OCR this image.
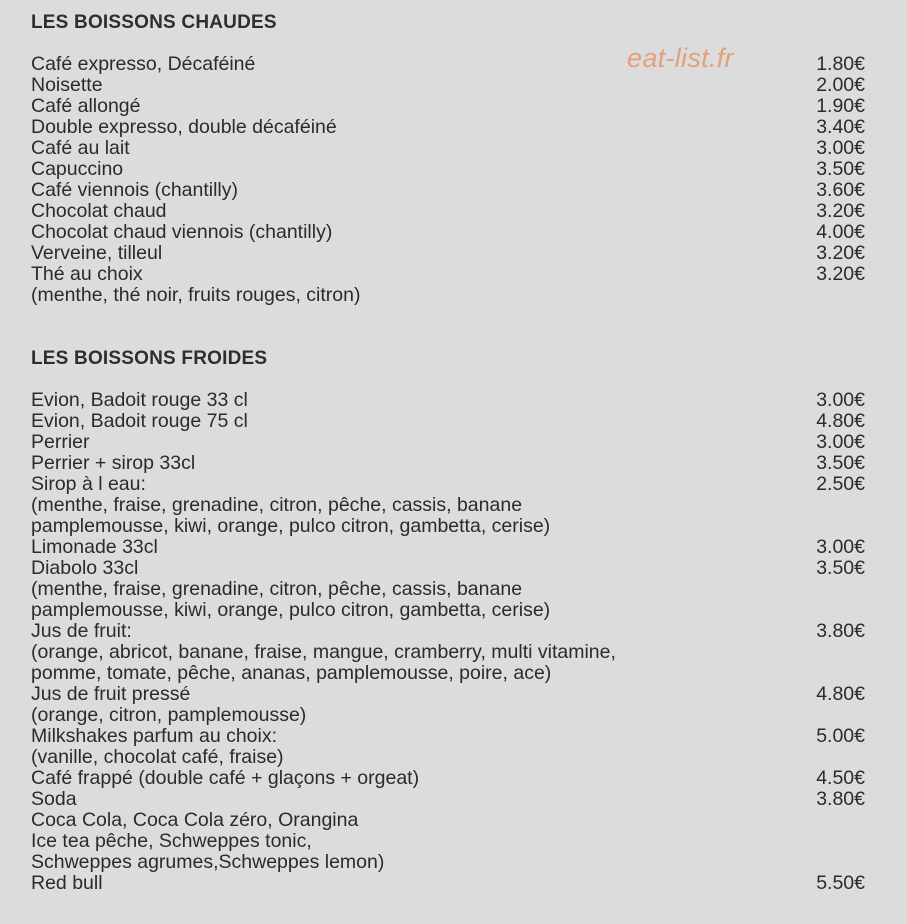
LES BOISSONS CHAUDES
Café expresso, Décaféiné	1.80€
Noisette	2.00€
Café allongé	1.90€
Double expresso, double décaféiné	3.40€
Café au lait	3.00€
Capuccino	3.50€
Café viennois (chantilly)	3.60€
Chocolat chaud	3.20€
Chocolat chaud viennois (chantilly)	4.00€
Verveine, tilleul	3.20€
Thé au choix	3.20€
(menthe, thé noir, fruits rouges, citron)
LES BOISSONS FROIDES
Evion, Badoit rouge 33 cl	3.00€
Evion, Badoit rouge 75 cl	4.80€
Perrier	3.00€
Perrier + sirop 33cl	3.50€
Sirop à l eau:	2.50€
(menthe, fraise, grenadine, citron, pêche, cassis, banane
pamplemousse, kiwi, orange, pulco citron, gambetta, cerise)
Limonade 33cl	3.00€
Diabolo 33cl	3.50€
(menthe, fraise, grenadine, citron, pêche, cassis, banane
pamplemousse, kiwi, orange, pulco citron, gambetta, cerise)
Jus de fruit:	3.80€
(orange, abricot, banane, fraise, mangue, cramberry, multi vitamine,
pomme, tomate, pêche, ananas, pamplemousse, poire, ace)
Jus de fruit pressé	4.80€
(orange, citron, pamplemousse)
Milkshakes parfum au choix:	5.00€
(vanille, chocolat café, fraise)
Café frappé (double café + glaçons + orgeat)	4.50€
Soda	3.80€
Coca Cola, Coca Cola zéro, Orangina
Ice tea pêche, Schweppes tonic,
Schweppes agrumes,Schweppes lemon)
Red bull	5.50€
eat-list.fr
